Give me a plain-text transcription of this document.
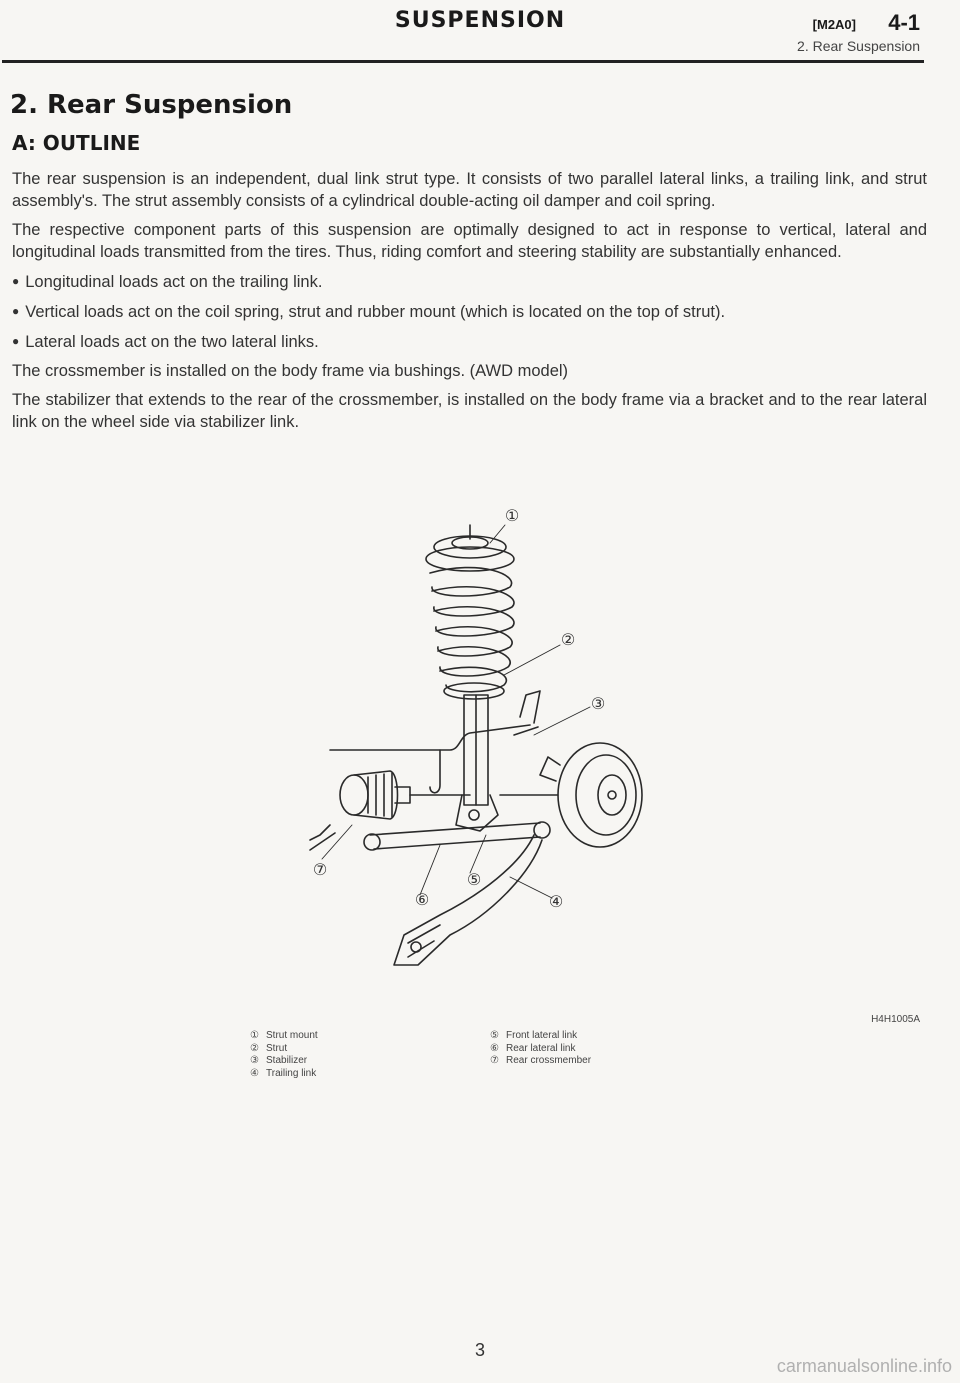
SUSPENSION	[M2A0] 4-1
2. Rear Suspension
2. Rear Suspension
A: OUTLINE

The rear suspension is an independent, dual link strut type. It consists of two parallel lateral links, a trailing link, and strut assembly's. The strut assembly consists of a cylindrical double-acting oil damper and coil spring.

The respective component parts of this suspension are optimally designed to act in response to vertical, lateral and longitudinal loads transmitted from the tires. Thus, riding comfort and steering stability are substantially enhanced.

● Longitudinal loads act on the trailing link.
● Vertical loads act on the coil spring, strut and rubber mount (which is located on the top of strut).
● Lateral loads act on the two lateral links.

The crossmember is installed on the body frame via bushings. (AWD model)

The stabilizer that extends to the rear of the crossmember, is installed on the body frame via a bracket and to the rear lateral link on the wheel side via stabilizer link.

①
②
③
④
⑤
⑥
⑦
H4H1005A
① Strut mount
② Strut
③ Stabilizer
④ Trailing link
⑤ Front lateral link
⑥ Rear lateral link
⑦ Rear crossmember
3
carmanualsonline.info
